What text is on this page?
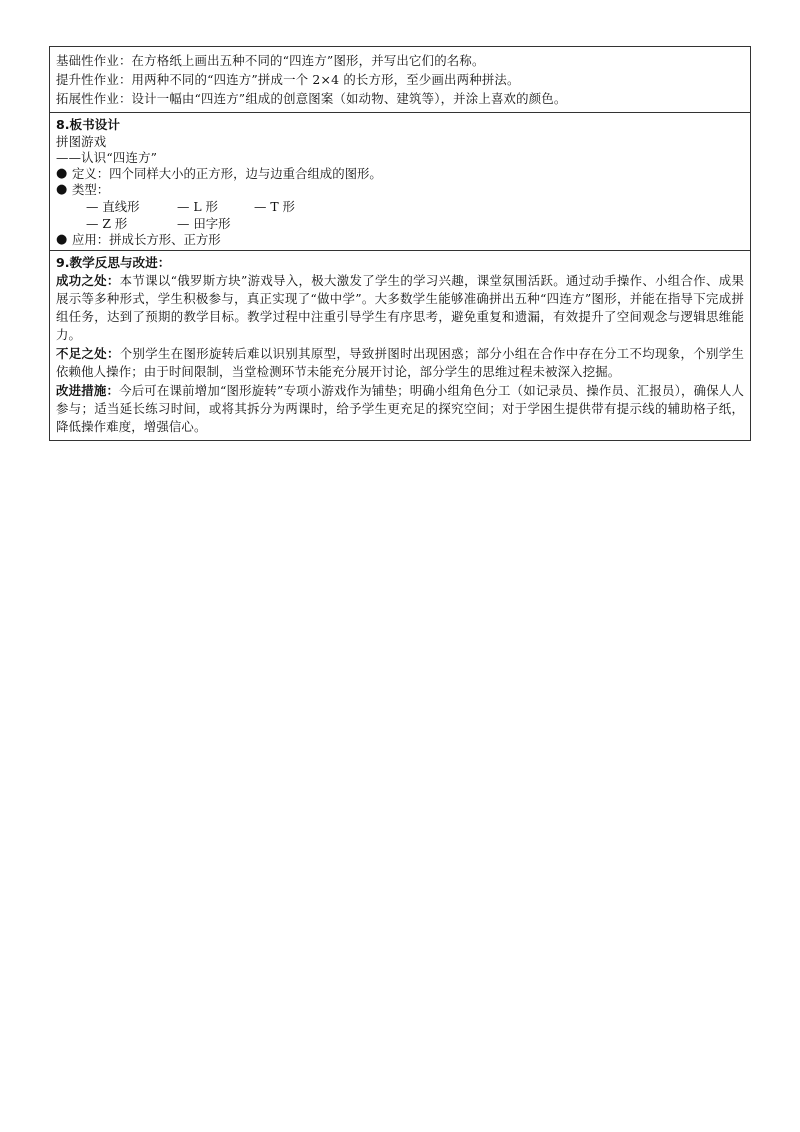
基础性作业：在方格纸上画出五种不同的“四连方”图形，并写出它们的名称。
提升性作业：用两种不同的“四连方”拼成一个 2×4 的长方形，至少画出两种拼法。
拓展性作业：设计一幅由“四连方”组成的创意图案（如动物、建筑等），并涂上喜欢的颜色。
8.板书设计
拼图游戏
——认识“四连方”
● 定义：四个同样大小的正方形，边与边重合组成的图形。
● 类型：
— 直线形	— L 形	— T 形
— Z 形	— 田字形
● 应用：拼成长方形、正方形
9.教学反思与改进：

成功之处：本节课以“俄罗斯方块”游戏导入，极大激发了学生的学习兴趣，课堂氛围活跃。通过动手操作、小组合作、成果展示等多种形式，学生积极参与，真正实现了“做中学”。大多数学生能够准确拼出五种“四连方”图形，并能在指导下完成拼组任务，达到了预期的教学目标。教学过程中注重引导学生有序思考，避免重复和遗漏，有效提升了空间观念与逻辑思维能力。

不足之处：个别学生在图形旋转后难以识别其原型，导致拼图时出现困惑；部分小组在合作中存在分工不均现象，个别学生依赖他人操作；由于时间限制，当堂检测环节未能充分展开讨论，部分学生的思维过程未被深入挖掘。

改进措施：今后可在课前增加“图形旋转”专项小游戏作为铺垫；明确小组角色分工（如记录员、操作员、汇报员），确保人人参与；适当延长练习时间，或将其拆分为两课时，给予学生更充足的探究空间；对于学困生提供带有提示线的辅助格子纸，降低操作难度，增强信心。
